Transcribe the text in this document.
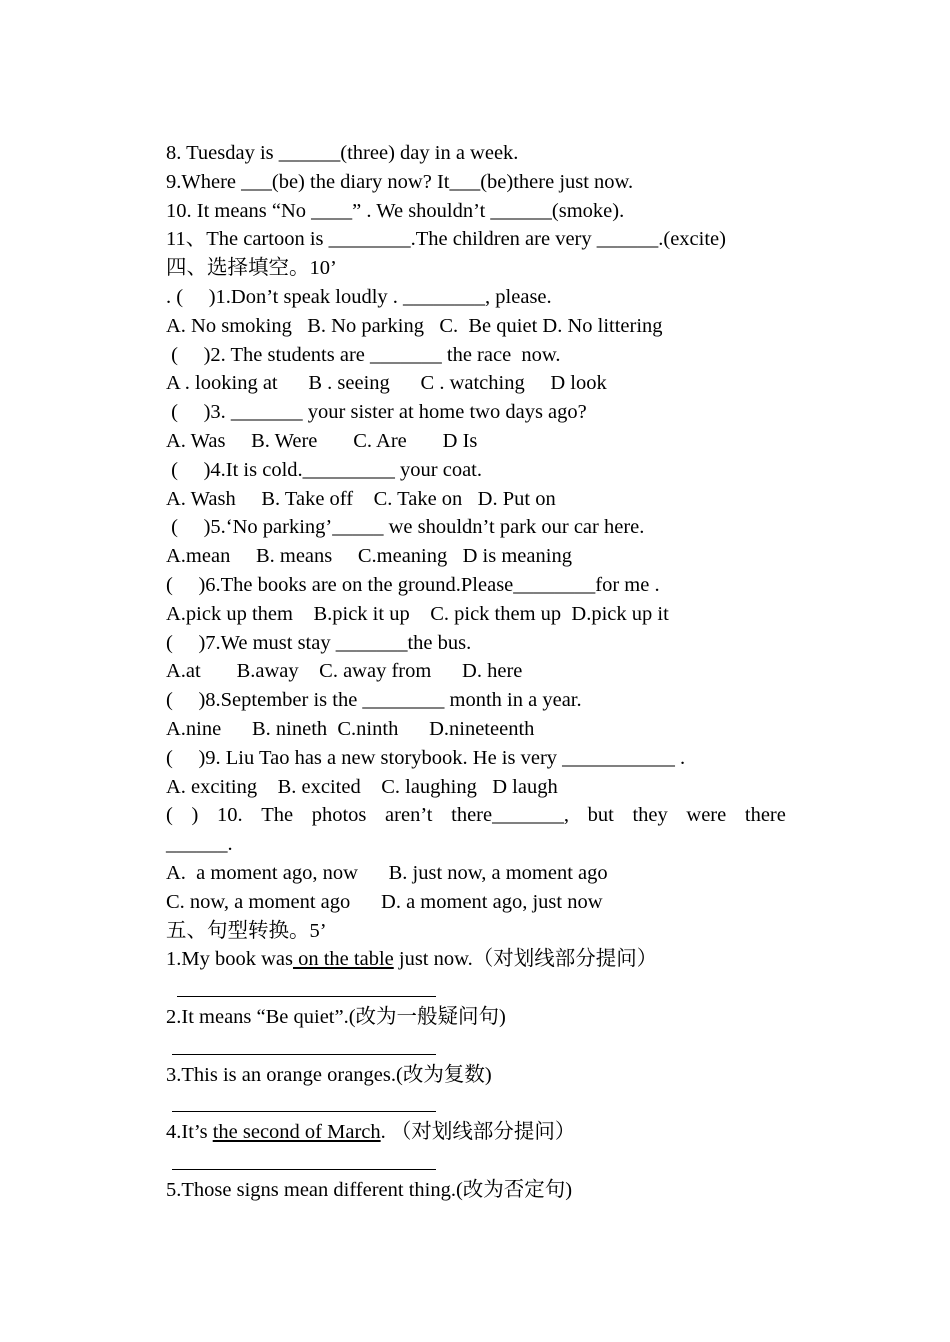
8. Tuesday is ______(three) day in a week.
9.Where ___(be) the diary now? It___(be)there just now.
10. It means “No ____” . We shouldn’t ______(smoke).
11、The cartoon is ________.The children are very ______.(excite)
四、选择填空。10’
. (     )1.Don’t speak loudly . ________, please.
A. No smoking   B. No parking   C.  Be quiet D. No littering
(     )2. The students are _______ the race  now.
A . looking at      B . seeing      C . watching     D look
(     )3. _______ your sister at home two days ago?
A. Was     B. Were       C. Are       D Is
(     )4.It is cold._________ your coat.
A. Wash     B. Take off    C. Take on   D. Put on
(     )5.‘No parking’_____ we shouldn’t park our car here.
A.mean     B. means     C.meaning   D is meaning
(     )6.The books are on the ground.Please________for me .
A.pick up them    B.pick it up    C. pick them up  D.pick up it
(     )7.We must stay _______the bus.
A.at       B.away    C. away from      D. here
(     )8.September is the ________ month in a year.
A.nine      B. nineth  C.ninth      D.nineteenth
(     )9. Liu Tao has a new storybook. He is very ___________ .
A. exciting    B. excited    C. laughing   D laugh
( ) 10. The photos aren’t there_______, but they were there
______.
A.  a moment ago, now      B. just now, a moment ago
C. now, a moment ago      D. a moment ago, just now
五、句型转换。5’
1.My book was on the table just now.（对划线部分提问）
2.It means “Be quiet”.(改为一般疑问句)
3.This is an orange oranges.(改为复数)
4.It’s the second of March. （对划线部分提问）
5.Those signs mean different thing.(改为否定句)
